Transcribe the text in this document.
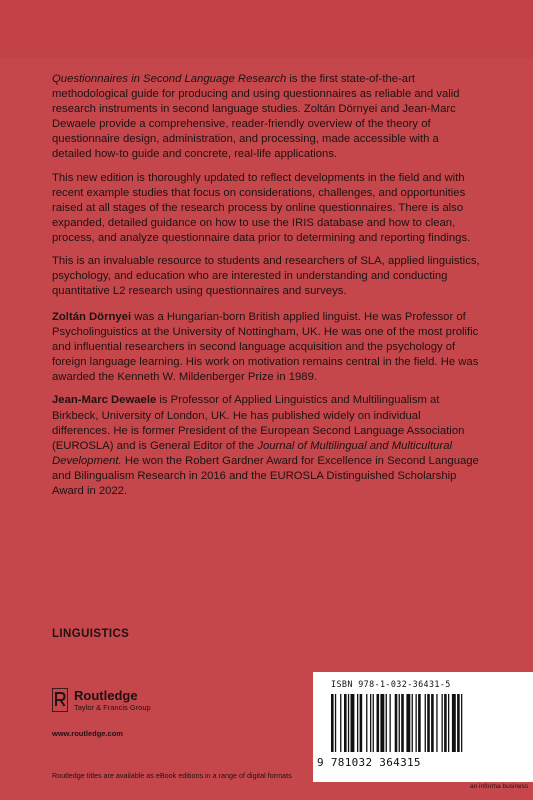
Questionnaires in Second Language Research is the first state-of-the-art methodological guide for producing and using questionnaires as reliable and valid research instruments in second language studies. Zoltán Dörnyei and Jean-Marc Dewaele provide a comprehensive, reader-friendly overview of the theory of questionnaire design, administration, and processing, made accessible with a detailed how-to guide and concrete, real-life applications.

This new edition is thoroughly updated to reflect developments in the field and with recent example studies that focus on considerations, challenges, and opportunities raised at all stages of the research process by online questionnaires. There is also expanded, detailed guidance on how to use the IRIS database and how to clean, process, and analyze questionnaire data prior to determining and reporting findings.

This is an invaluable resource to students and researchers of SLA, applied linguistics, psychology, and education who are interested in understanding and conducting quantitative L2 research using questionnaires and surveys.

Zoltán Dörnyei was a Hungarian-born British applied linguist. He was Professor of Psycholinguistics at the University of Nottingham, UK. He was one of the most prolific and influential researchers in second language acquisition and the psychology of foreign language learning. His work on motivation remains central in the field. He was awarded the Kenneth W. Mildenberger Prize in 1989.

Jean-Marc Dewaele is Professor of Applied Linguistics and Multilingualism at Birkbeck, University of London, UK. He has published widely on individual differences. He is former President of the European Second Language Association (EUROSLA) and is General Editor of the Journal of Multilingual and Multicultural Development. He won the Robert Gardner Award for Excellence in Second Language and Bilingualism Research in 2016 and the EUROSLA Distinguished Scholarship Award in 2022.

LINGUISTICS
Routledge
Taylor & Francis Group
www.routledge.com
Routledge titles are available as eBook editions in a range of digital formats
ISBN 978-1-032-36431-5
9 781032 364315
an informa business
